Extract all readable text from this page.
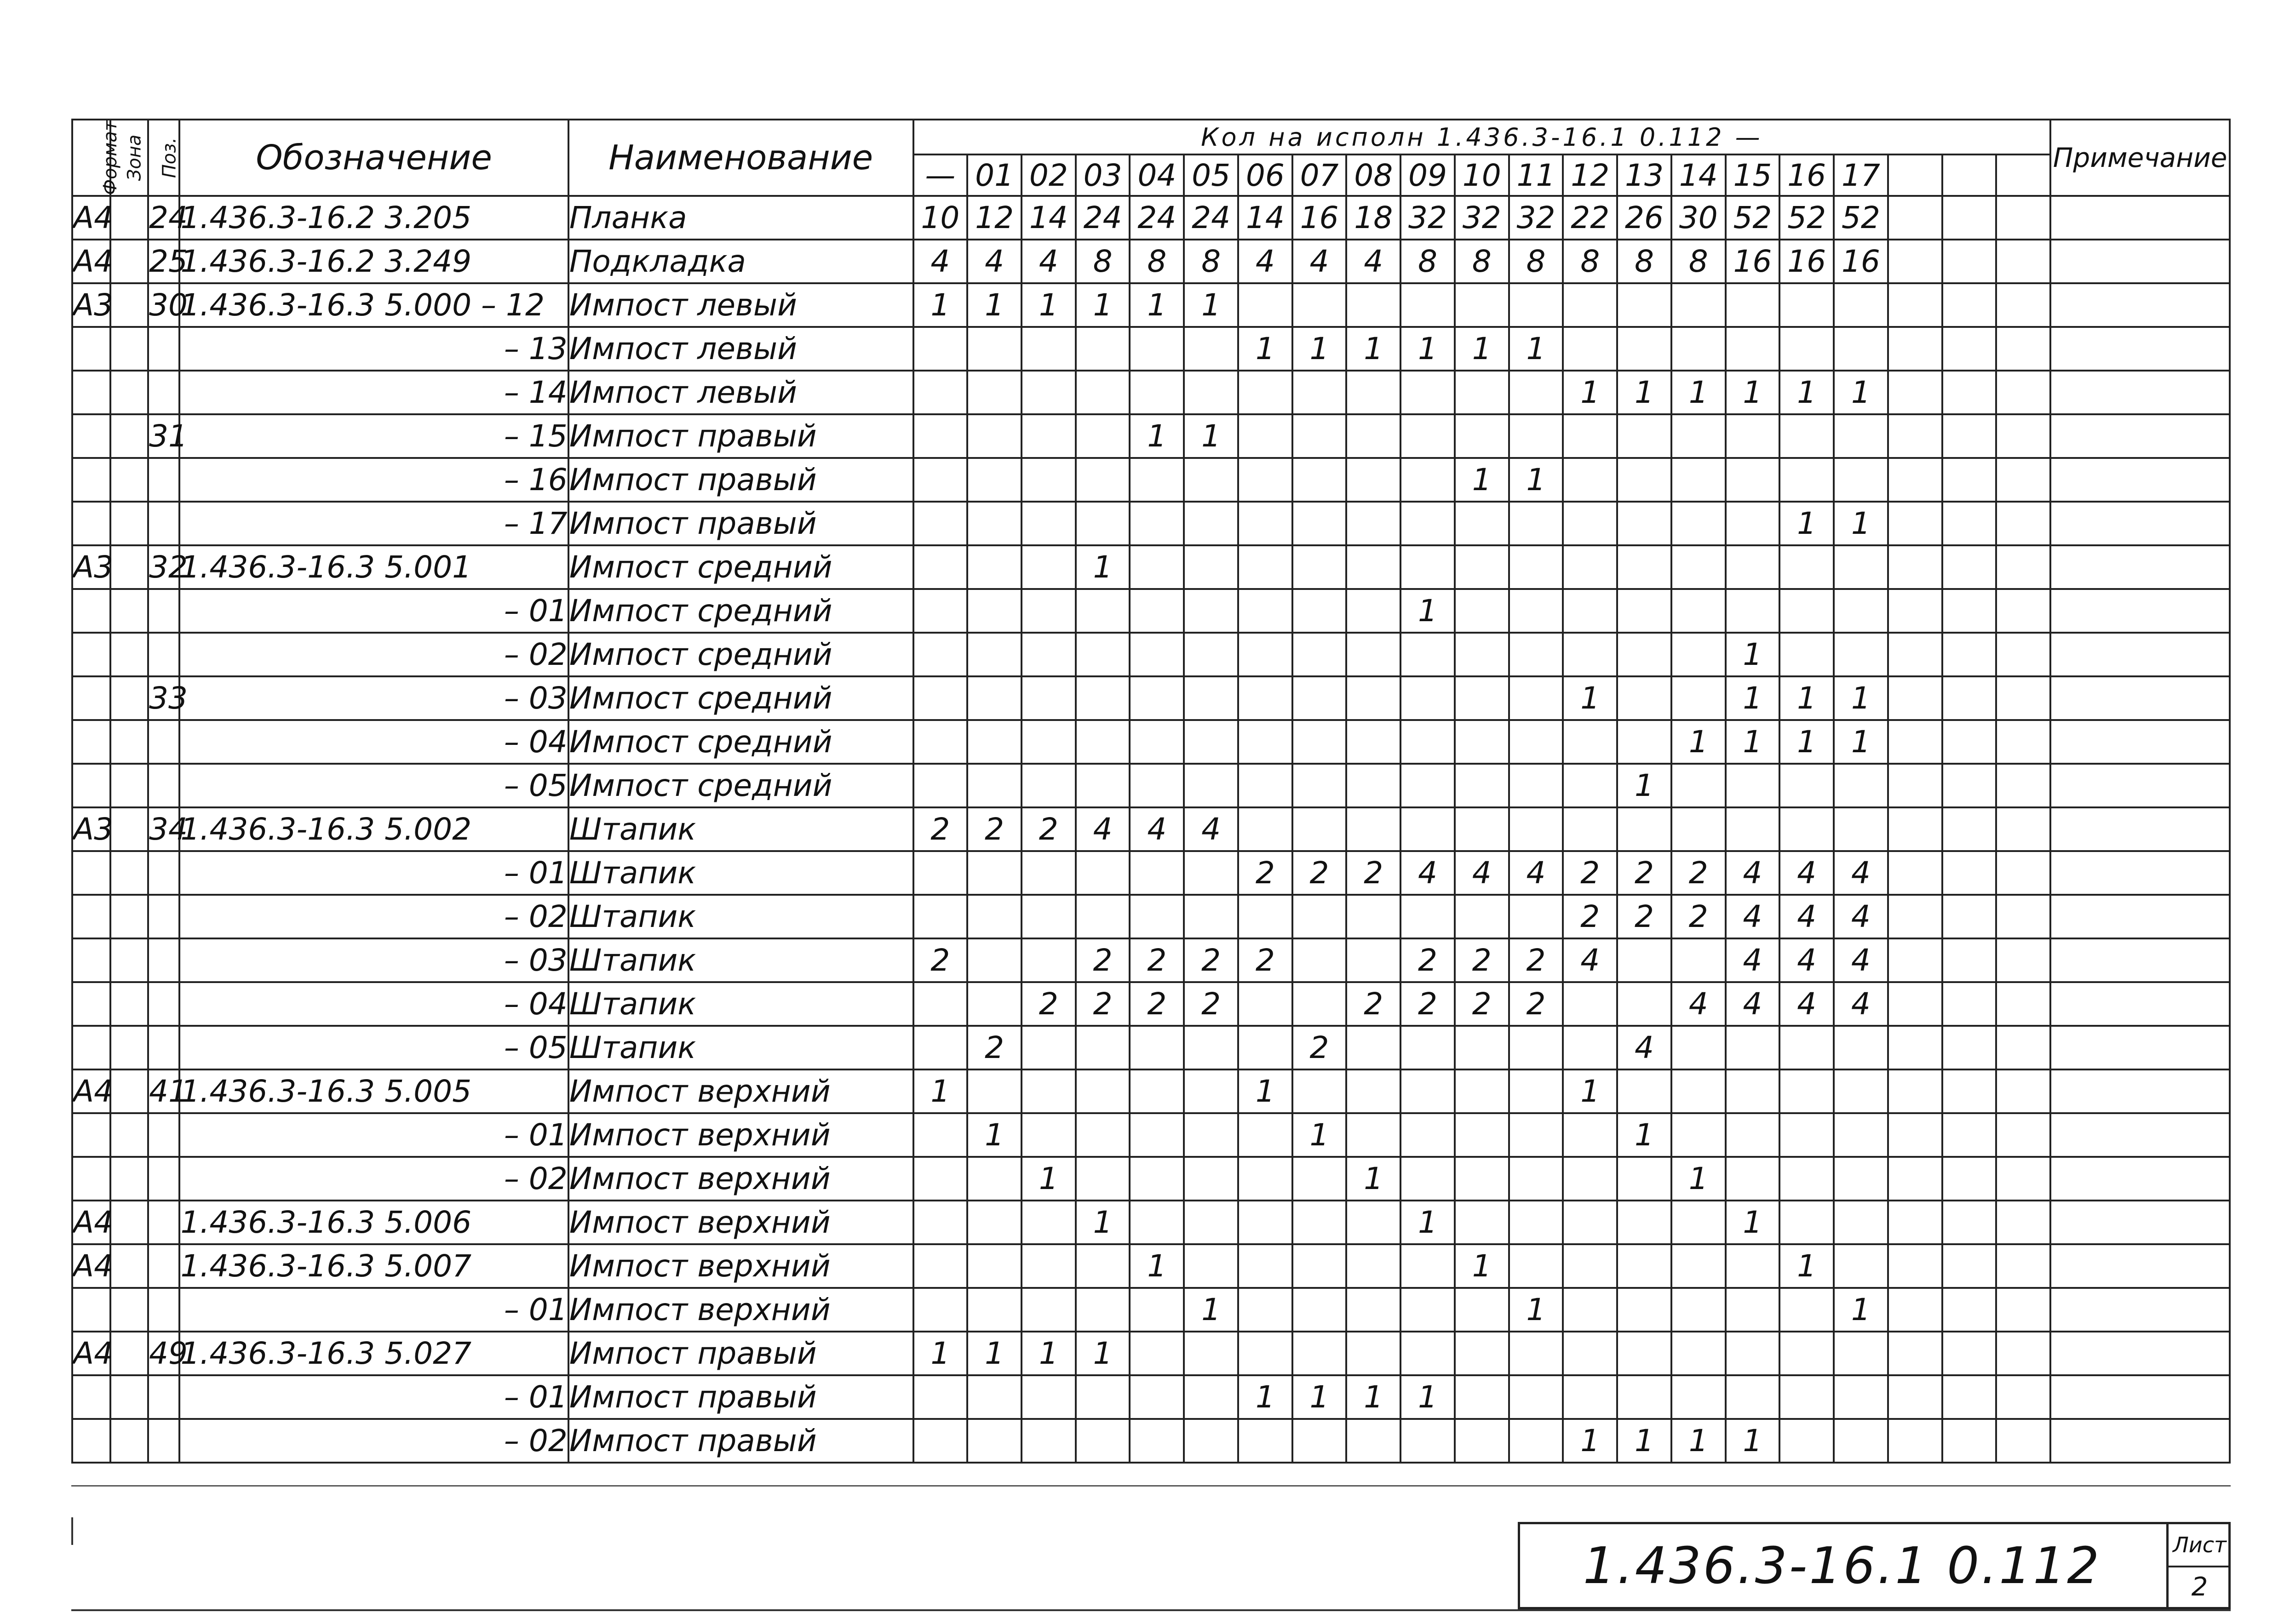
Формат	Зона	Поз.	Обозначение	Наименование	Кол на исполн 1.436.3-16.1 0.112 —																					Примечание
					—	01	02	03	04	05	06	07	08	09	10	11	12	13	14	15	16	17				
А4		24	1.436.3-16.2 3.205	Планка	10	12	14	24	24	24	14	16	18	32	32	32	22	26	30	52	52	52				
А4		25	1.436.3-16.2 3.249	Подкладка	4	4	4	8	8	8	4	4	4	8	8	8	8	8	8	16	16	16				
А3		30	1.436.3-16.3 5.000 – 12	Импост левый	1	1	1	1	1	1																
			– 13	Импост левый							1	1	1	1	1	1										
			– 14	Импост левый													1	1	1	1	1	1				
		31	– 15	Импост правый					1	1																
			– 16	Импост правый											1	1										
			– 17	Импост правый																	1	1				
А3		32	1.436.3-16.3 5.001	Импост средний				1																		
			– 01	Импост средний										1												
			– 02	Импост средний																1						
		33	– 03	Импост средний													1			1	1	1				
			– 04	Импост средний															1	1	1	1				
			– 05	Импост средний														1								
А3		34	1.436.3-16.3 5.002	Штапик	2	2	2	4	4	4																
			– 01	Штапик							2	2	2	4	4	4	2	2	2	4	4	4				
			– 02	Штапик													2	2	2	4	4	4				
			– 03	Штапик	2			2	2	2	2			2	2	2	4			4	4	4				
			– 04	Штапик			2	2	2	2			2	2	2	2			4	4	4	4				
			– 05	Штапик		2						2						4								
А4		41	1.436.3-16.3 5.005	Импост верхний	1						1						1									
			– 01	Импост верхний		1						1						1								
			– 02	Импост верхний			1						1						1							
А4			1.436.3-16.3 5.006	Импост верхний				1						1						1						
А4			1.436.3-16.3 5.007	Импост верхний					1						1						1					
			– 01	Импост верхний						1						1						1				
А4		49	1.436.3-16.3 5.027	Импост правый	1	1	1	1																		
			– 01	Импост правый							1	1	1	1												
			– 02	Импост правый													1	1	1	1						
1.436.3-16.1 0.112	Лист
2
